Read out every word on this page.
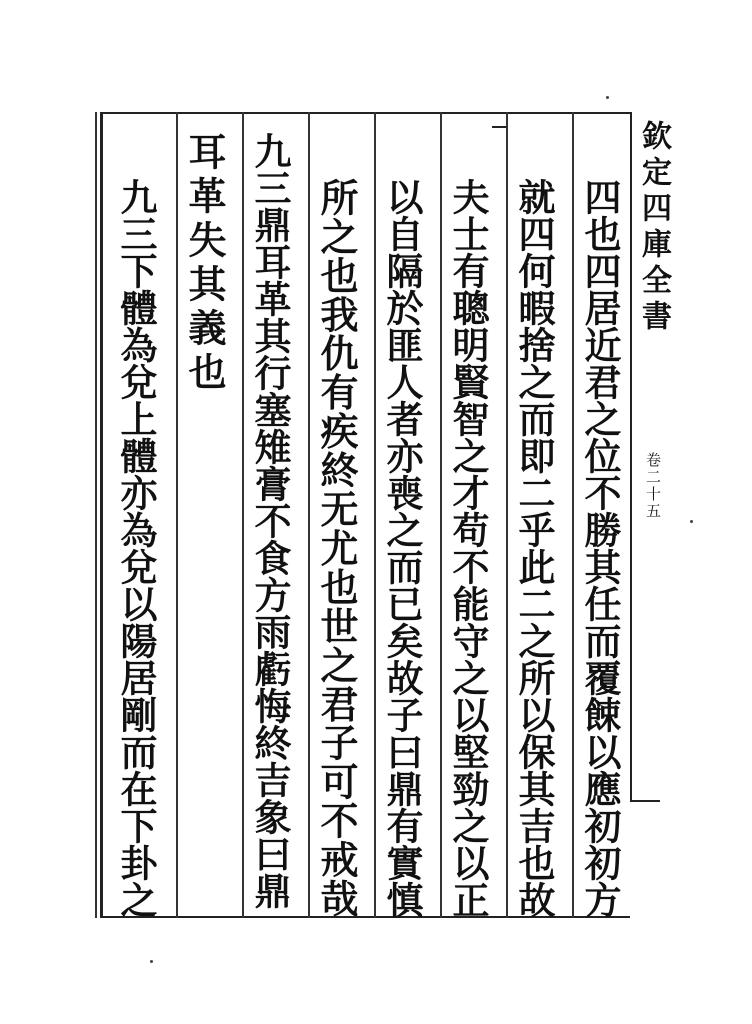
欽定四庫全書
卷二十五
四也四居近君之位不勝其任而覆餗以應初初方
就四何暇捨之而即二乎此二之所以保其吉也故
夫士有聰明賢智之才苟不能守之以堅勁之以正
以自隔於匪人者亦喪之而已矣故子曰鼎有實慎
所之也我仇有疾終无尤也世之君子可不戒哉
九三鼎耳革其行塞雉膏不食方雨虧悔終吉象曰鼎
耳革失其義也
九三下體為兌上體亦為兌以陽居剛而在下卦之
